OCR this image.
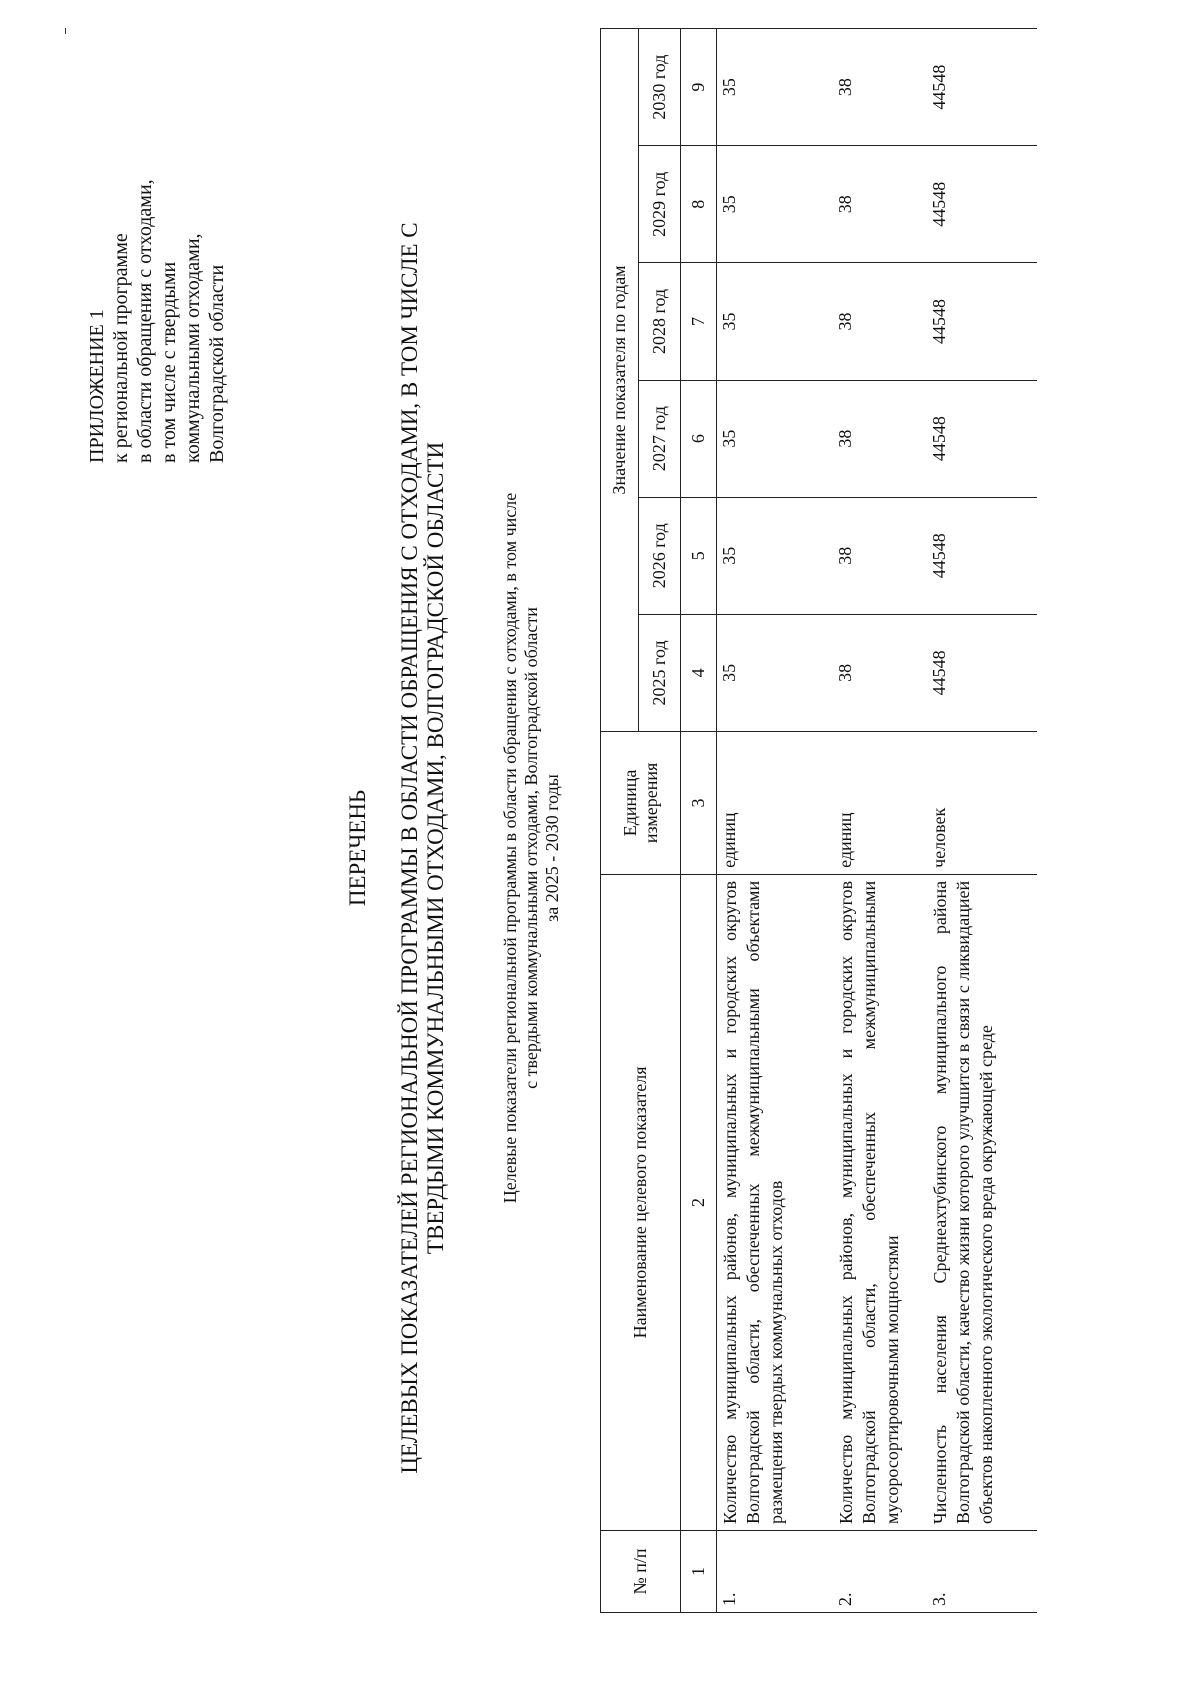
ПРИЛОЖЕНИЕ 1 к региональной программе в области обращения с отходами, в том числе с твердыми коммунальными отходами, Волгоградской области
ПЕРЕЧЕНЬ ЦЕЛЕВЫХ ПОКАЗАТЕЛЕЙ РЕГИОНАЛЬНОЙ ПРОГРАММЫ В ОБЛАСТИ ОБРАЩЕНИЯ С ОТХОДАМИ, В ТОМ ЧИСЛЕ С ТВЕРДЫМИ КОММУНАЛЬНЫМИ ОТХОДАМИ, ВОЛГОГРАДСКОЙ ОБЛАСТИ	Целевые показатели региональной программы в области обращения с отходами, в том числе с твердыми коммунальными отходами, Волгоградской области за 2025 - 2030 годы
№ п/п	Наименование целевого показателя	Единица измерения	Значение показателя по годам					
			2025 год	2026 год	2027 год	2028 год	2029 год	2030 год
1	2	3	4	5	6	7	8	9
1.	Количество муниципальных районов, муниципальных и городских округов Волгоградской области, обеспеченных межмуниципальными объектами размещения твердых коммунальных отходов	единиц	35	35	35	35	35	35
2.	Количество муниципальных районов, муниципальных и городских округов Волгоградской области, обеспеченных межмуниципальными мусоросортировочными мощностями	единиц	38	38	38	38	38	38
3.	Численность населения Среднеахтубинского муниципального района Волгоградской области, качество жизни которого улучшится в связи с ликвидацией объектов накопленного экологического вреда окружающей среде	человек	44548	44548	44548	44548	44548	44548
